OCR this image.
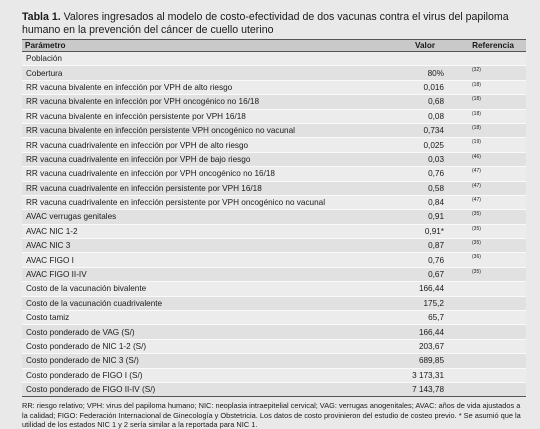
Tabla 1. Valores ingresados al modelo de costo-efectividad de dos vacunas contra el virus del papiloma humano en la prevención del cáncer de cuello uterino
Parámetro	Valor	Referencia
Población		
Cobertura	80%	(32)
RR vacuna bivalente en infección por VPH de alto riesgo	0,016	(18)
RR vacuna bivalente en infección por VPH oncogénico no 16/18	0,68	(18)
RR vacuna bivalente en infección persistente por VPH 16/18	0,08	(18)
RR vacuna bivalente en infección persistente VPH oncogénico no vacunal	0,734	(18)
RR vacuna cuadrivalente en infección por VPH de alto riesgo	0,025	(19)
RR vacuna cuadrivalente en infección por VPH de bajo riesgo	0,03	(46)
RR vacuna cuadrivalente en infección por VPH oncogénico no 16/18	0,76	(47)
RR vacuna cuadrivalente en infección persistente por VPH 16/18	0,58	(47)
RR vacuna cuadrivalente en infección persistente por VPH oncogénico no vacunal	0,84	(47)
AVAC verrugas genitales	0,91	(35)
AVAC NIC 1-2	0,91*	(35)
AVAC NIC 3	0,87	(35)
AVAC FIGO I	0,76	(36)
AVAC FIGO II-IV	0,67	(35)
Costo de la vacunación bivalente	166,44	
Costo de la vacunación cuadrivalente	175,2	
Costo tamiz	65,7	
Costo ponderado de VAG (S/)	166,44	
Costo ponderado de NIC 1-2 (S/)	203,67	
Costo ponderado de NIC 3 (S/)	689,85	
Costo ponderado de FIGO I (S/)	3 173,31	
Costo ponderado de FIGO II-IV (S/)	7 143,78	
RR: riesgo relativo; VPH: virus del papiloma humano; NIC: neoplasia intraepitelial cervical; VAG: verrugas anogenitales; AVAC: años de vida ajustados a la calidad; FIGO: Federación Internacional de Ginecología y Obstetricia. Los datos de costo provinieron del estudio de costeo previo. * Se asumió que la utilidad de los estados NIC 1 y 2 sería similar a la reportada para NIC 1.
